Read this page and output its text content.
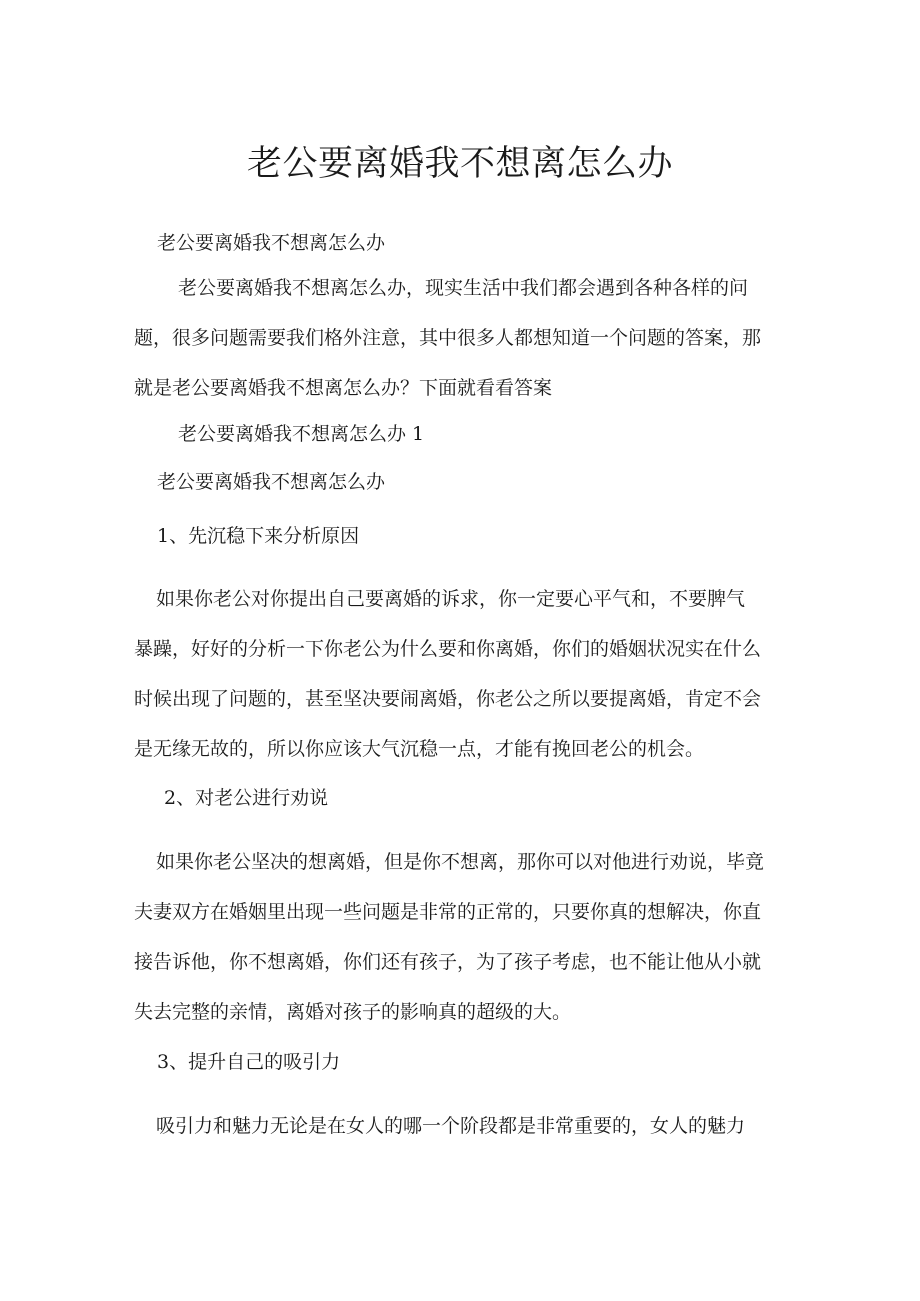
老公要离婚我不想离怎么办
老公要离婚我不想离怎么办
老公要离婚我不想离怎么办，现实生活中我们都会遇到各种各样的问
题，很多问题需要我们格外注意，其中很多人都想知道一个问题的答案，那
就是老公要离婚我不想离怎么办？下面就看看答案
老公要离婚我不想离怎么办 1
老公要离婚我不想离怎么办
1、先沉稳下来分析原因
如果你老公对你提出自己要离婚的诉求，你一定要心平气和，不要脾气
暴躁，好好的分析一下你老公为什么要和你离婚，你们的婚姻状况实在什么
时候出现了问题的，甚至坚决要闹离婚，你老公之所以要提离婚，肯定不会
是无缘无故的，所以你应该大气沉稳一点，才能有挽回老公的机会。
2、对老公进行劝说
如果你老公坚决的想离婚，但是你不想离，那你可以对他进行劝说，毕竟
夫妻双方在婚姻里出现一些问题是非常的正常的，只要你真的想解决，你直
接告诉他，你不想离婚，你们还有孩子，为了孩子考虑，也不能让他从小就
失去完整的亲情，离婚对孩子的影响真的超级的大。
3、提升自己的吸引力
吸引力和魅力无论是在女人的哪一个阶段都是非常重要的，女人的魅力
